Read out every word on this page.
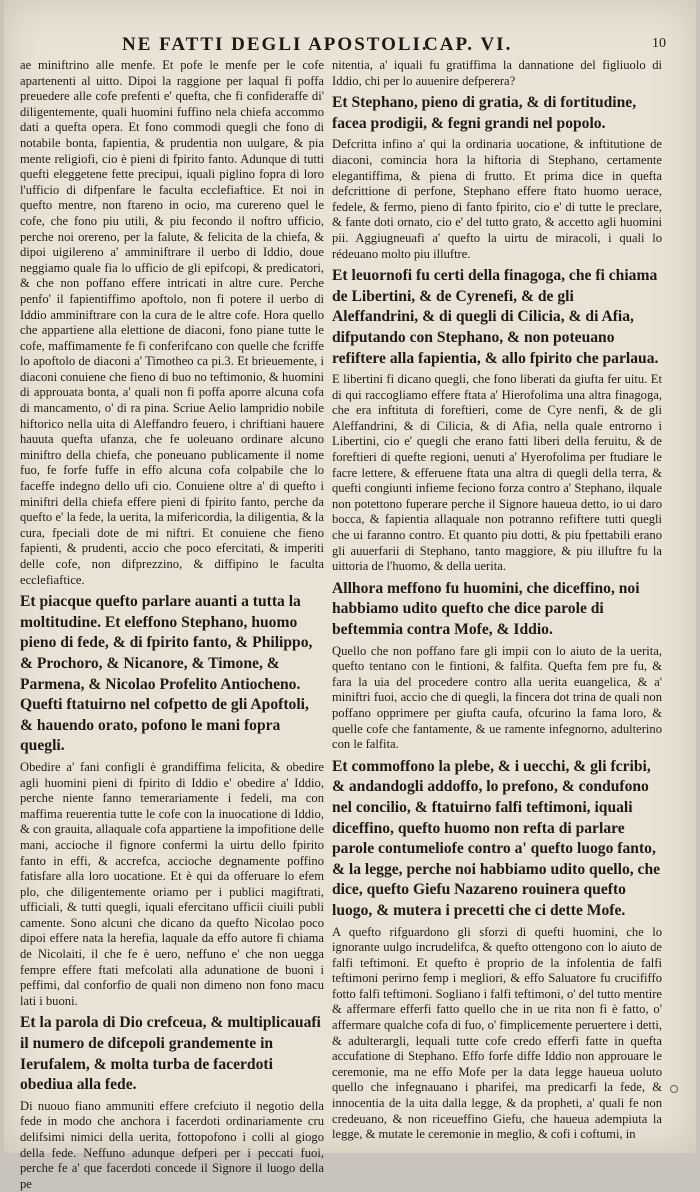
NE FATTI DEGLI APOSTOLI.
CAP. VI.	10

ae miniftrino alle menfe. Et pofe le menfe per le cofe apartenenti al uitto. Dipoi la raggione per laqual fi poffa preuedere alle cofe prefenti e' quefta, che fi confideraffe di' diligentemente, quali huomini fuffino nela chiefa accommo dati a quefta opera. Et fono commodi quegli che fono di notabile bonta, fapientia, & prudentia non uulgare, & pia mente religiofi, cio è pieni di fpirito fanto. Adunque di tutti quefti eleggetene fette precipui, iquali piglino fopra di loro l'ufficio di difpenfare le faculta ecclefiaftice. Et noi in quefto mentre, non ftareno in ocio, ma curereno quel le cofe, che fono piu utili, & piu fecondo il noftro ufficio, perche noi orereno, per la falute, & felicita de la chiefa, & dipoi uigilereno a' amminiftrare il uerbo di Iddio, doue neggiamo quale fia lo ufficio de gli epifcopi, & predicatori, & che non poffano effere intricati in altre cure. Perche penfo' il fapientiffimo apoftolo, non fi potere il uerbo di Iddio amminiftrare con la cura de le altre cofe. Hora quello che appartiene alla elettione de diaconi, fono piane tutte le cofe, maffimamente fe fi conferifcano con quelle che fcriffe lo apoftolo de diaconi a' Timotheo ca pi.3. Et brieuemente, i diaconi conuiene che fieno di buo no teftimonio, & huomini di approuata bonta, a' quali non fi poffa aporre alcuna cofa di mancamento, o' di ra pina. Scriue Aelio lampridio nobile hiftorico nella uita di Aleffandro feuero, i chriftiani hauere hauuta quefta ufanza, che fe uoleuano ordinare alcuno miniftro della chiefa, che poneuano publicamente il nome fuo, fe forfe fuffe in effo alcuna cofa colpabile che lo faceffe indegno dello ufi cio. Conuiene oltre a' di quefto i miniftri della chiefa effere pieni di fpirito fanto, perche da quefto e' la fede, la uerita, la mifericordia, la diligentia, & la cura, fpeciali dote de mi niftri. Et conuiene che fieno fapienti, & prudenti, accio che poco efercitati, & imperiti delle cofe, non difprezzino, & diffipino le faculta ecclefiaftice.

Et piacque quefto parlare auanti a tutta la moltitudine. Et eleffono Stephano, huomo pieno di fede, & di fpirito fanto, & Philippo, & Prochoro, & Nicanore, & Timone, & Parmena, & Nicolao Profelito Antiocheno. Quefti ftatuirno nel cofpetto de gli Apoftoli, & hauendo orato, pofono le mani fopra quegli.

Obedire a' fani configli è grandiffima felicita, & obedire agli huomini pieni di fpirito di Iddio e' obedire a' Iddio, perche niente fanno temerariamente i fedeli, ma con maffima reuerentia tutte le cofe con la inuocatione di Iddio, & con grauita, allaquale cofa appartiene la impofitione delle mani, accioche il fignore confermi la uirtu dello fpirito fanto in effi, & accrefca, accioche degnamente poffino fatisfare alla loro uocatione. Et è qui da offeruare lo efem plo, che diligentemente oriamo per i publici magiftrati, ufficiali, & tutti quegli, iquali efercitano ufficii ciuili publi camente. Sono alcuni che dicano da quefto Nicolao poco dipoi effere nata la herefia, laquale da effo autore fi chiama de Nicolaiti, il che fe è uero, neffuno e' che non uegga fempre effere ftati mefcolati alla adunatione de buoni i peffimi, dal conforfio de quali non dimeno non fono macu lati i buoni.

Et la parola di Dio crefceua, & multiplicauafi il numero de difcepoli grandemente in Ierufalem, & molta turba de facerdoti obediua alla fede.

Di nuouo fiano ammuniti effere crefciuto il negotio della fede in modo che anchora i facerdoti ordinariamente cru delifsimi nimici della uerita, fottopofono i colli al giogo della fede. Neffuno adunque defperi per i peccati fuoi, perche fe a' que facerdoti concede il Signore il luogo della pe

nitentia, a' iquali fu gratiffima la dannatione del figliuolo di Iddio, chi per lo auuenire defperera?

Et Stephano, pieno di gratia, & di fortitudine, facea prodigii, & fegni grandi nel popolo.

Defcritta infino a' qui la ordinaria uocatione, & inftitutione de diaconi, comincia hora la hiftoria di Stephano, certamente elegantiffima, & piena di frutto. Et prima dice in quefta defcrittione di perfone, Stephano effere ftato huomo uerace, fedele, & fermo, pieno di fanto fpirito, cio e' di tutte le preclare, & fante doti ornato, cio e' del tutto grato, & accetto agli huomini pii. Aggiugneuafi a' quefto la uirtu de miracoli, i quali lo rédeuano molto piu illuftre.

Et leuornofi fu certi della finagoga, che fi chiama de Libertini, & de Cyrenefi, & de gli Aleffandrini, & di quegli di Cilicia, & di Afia, difputando con Stephano, & non poteuano refiftere alla fapientia, & allo fpirito che parlaua.

E libertini fi dicano quegli, che fono liberati da giufta fer uitu. Et di qui raccogliamo effere ftata a' Hierofolima una altra finagoga, che era inftituta di foreftieri, come de Cyre nenfi, & de gli Aleffandrini, & di Cilicia, & di Afia, nella quale entrorno i Libertini, cio e' quegli che erano fatti liberi della feruitu, & de foreftieri di quefte regioni, uenuti a' Hyerofolima per ftudiare le facre lettere, & efferuene ftata una altra di quegli della terra, & quefti congiunti infieme feciono forza contro a' Stephano, ilquale non potettono fuperare perche il Signore haueua detto, io ui daro bocca, & fapientia allaquale non potranno refiftere tutti quegli che ui faranno contro. Et quanto piu dotti, & piu fpettabili erano gli auuerfarii di Stephano, tanto maggiore, & piu illuftre fu la uittoria de l'huomo, & della uerita.

Allhora meffono fu huomini, che diceffino, noi habbiamo udito quefto che dice parole di beftemmia contra Mofe, & Iddio.

Quello che non poffano fare gli impii con lo aiuto de la uerita, quefto tentano con le fintioni, & falfita. Quefta fem pre fu, & fara la uia del procedere contro alla uerita euangelica, & a' miniftri fuoi, accio che di quegli, la fincera dot trina de quali non poffano opprimere per giufta caufa, ofcurino la fama loro, & quelle cofe che fantamente, & ue ramente infegnorno, adulterino con le falfita.

Et commoffono la plebe, & i uecchi, & gli fcribi, & andandogli addoffo, lo prefono, & condufono nel concilio, & ftatuirno falfi teftimoni, iquali diceffino, quefto huomo non refta di parlare parole contumeliofe contro a' quefto luogo fanto, & la legge, perche noi habbiamo udito quello, che dice, quefto Giefu Nazareno rouinera quefto luogo, & mutera i precetti che ci dette Mofe.

A quefto rifguardono gli sforzi di quefti huomini, che lo ignorante uulgo incrudelifca, & quefto ottengono con lo aiuto de falfi teftimoni. Et quefto è proprio de la infolentia de falfi teftimoni perirno femp i megliori, & effo Saluatore fu crucififfo fotto falfi teftimoni. Sogliano i falfi teftimoni, o' del tutto mentire & affermare efferfi fatto quello che in ue rita non fi è fatto, o' affermare qualche cofa di fuo, o' fimplicemente peruertere i detti, & adulterargli, lequali tutte cofe credo efferfi fatte in quefta accufatione di Stephano. Effo forfe diffe Iddio non approuare le ceremonie, ma ne effo Mofe per la data legge haueua uoluto quello che infegnauano i pharifei, ma predicarfi la fede, & innocentia de la uita dalla legge, & da propheti, a' quali fe non credeuano, & non riceueffino Giefu, che haueua adempiuta la legge, & mutate le ceremonie in meglio, & cofi i coftumi, in
